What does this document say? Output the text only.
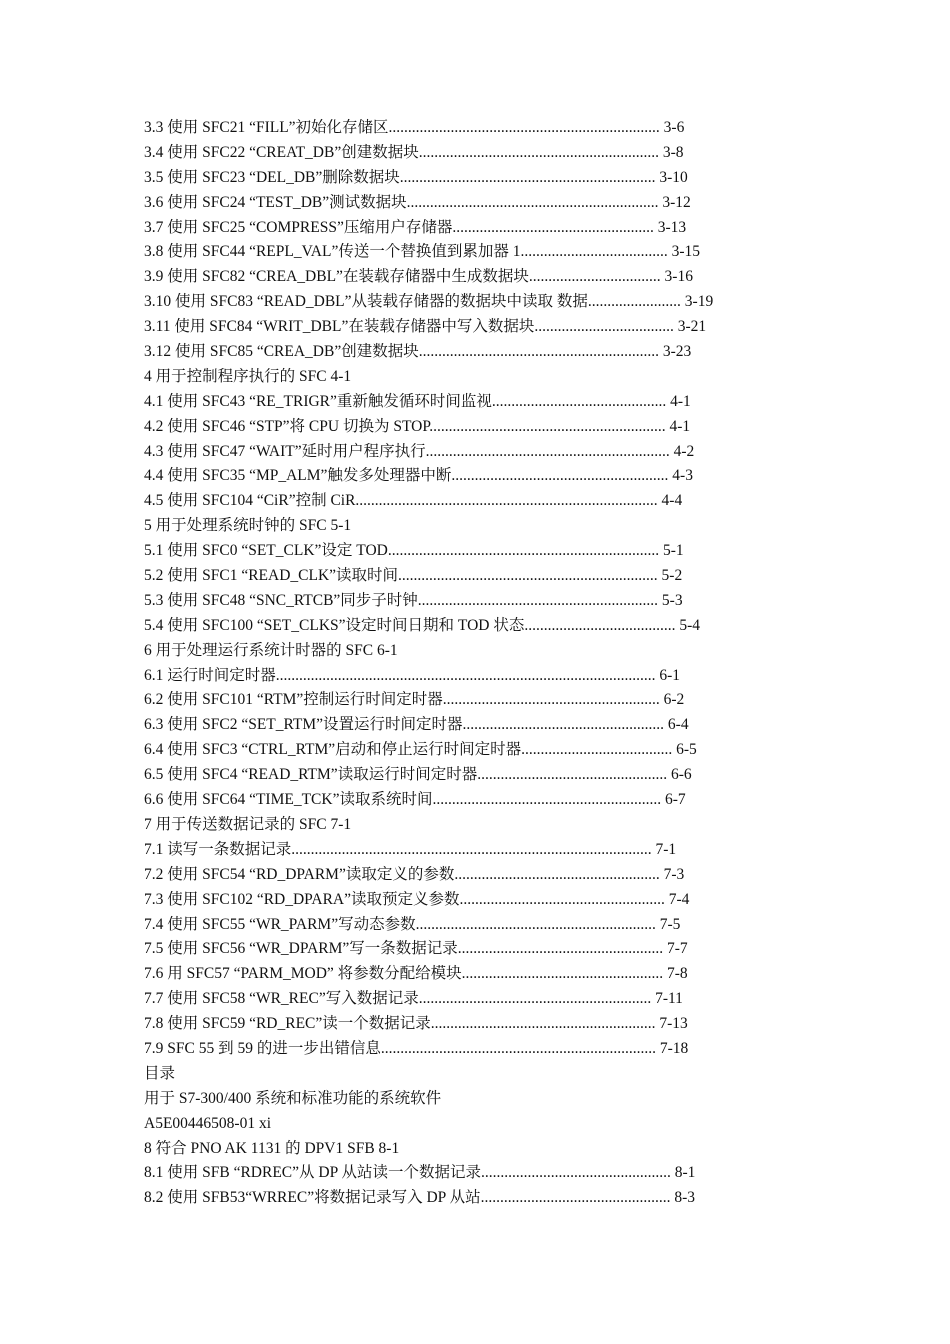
3.3 使用 SFC21 “FILL”初始化存储区...................................................................... 3-6
3.4 使用 SFC22 “CREAT_DB”创建数据块.............................................................. 3-8
3.5 使用 SFC23 “DEL_DB”删除数据块.................................................................. 3-10
3.6 使用 SFC24 “TEST_DB”测试数据块................................................................. 3-12
3.7 使用 SFC25 “COMPRESS”压缩用户存储器.................................................... 3-13
3.8 使用 SFC44 “REPL_VAL”传送一个替换值到累加器 1...................................... 3-15
3.9 使用 SFC82 “CREA_DBL”在装载存储器中生成数据块.................................. 3-16
3.10 使用 SFC83 “READ_DBL”从装载存储器的数据块中读取 数据........................ 3-19
3.11 使用 SFC84 “WRIT_DBL”在装载存储器中写入数据块.................................... 3-21
3.12 使用 SFC85 “CREA_DB”创建数据块.............................................................. 3-23
4 用于控制程序执行的 SFC 4-1
4.1 使用 SFC43 “RE_TRIGR”重新触发循环时间监视............................................. 4-1
4.2 使用 SFC46 “STP”将 CPU 切换为 STOP............................................................. 4-1
4.3 使用 SFC47 “WAIT”延时用户程序执行............................................................... 4-2
4.4 使用 SFC35 “MP_ALM”触发多处理器中断........................................................ 4-3
4.5 使用 SFC104 “CiR”控制 CiR.............................................................................. 4-4
5 用于处理系统时钟的 SFC 5-1
5.1 使用 SFC0 “SET_CLK”设定 TOD...................................................................... 5-1
5.2 使用 SFC1 “READ_CLK”读取时间................................................................... 5-2
5.3 使用 SFC48 “SNC_RTCB”同步子时钟.............................................................. 5-3
5.4 使用 SFC100 “SET_CLKS”设定时间日期和 TOD 状态....................................... 5-4
6 用于处理运行系统计时器的 SFC 6-1
6.1 运行时间定时器.................................................................................................. 6-1
6.2 使用 SFC101 “RTM”控制运行时间定时器........................................................ 6-2
6.3 使用 SFC2 “SET_RTM”设置运行时间定时器.................................................... 6-4
6.4 使用 SFC3 “CTRL_RTM”启动和停止运行时间定时器....................................... 6-5
6.5 使用 SFC4 “READ_RTM”读取运行时间定时器................................................. 6-6
6.6 使用 SFC64 “TIME_TCK”读取系统时间........................................................... 6-7
7 用于传送数据记录的 SFC 7-1
7.1 读写一条数据记录............................................................................................. 7-1
7.2 使用 SFC54 “RD_DPARM”读取定义的参数..................................................... 7-3
7.3 使用 SFC102 “RD_DPARA”读取预定义参数..................................................... 7-4
7.4 使用 SFC55 “WR_PARM”写动态参数.............................................................. 7-5
7.5 使用 SFC56 “WR_DPARM”写一条数据记录..................................................... 7-7
7.6 用 SFC57 “PARM_MOD” 将参数分配给模块.................................................... 7-8
7.7 使用 SFC58 “WR_REC”写入数据记录............................................................ 7-11
7.8 使用 SFC59 “RD_REC”读一个数据记录.......................................................... 7-13
7.9 SFC 55 到 59 的进一步出错信息....................................................................... 7-18
目录
用于 S7-300/400 系统和标准功能的系统软件
A5E00446508-01 xi
8 符合 PNO AK 1131 的 DPV1 SFB 8-1
8.1 使用 SFB “RDREC”从 DP 从站读一个数据记录................................................. 8-1
8.2 使用 SFB53“WRREC”将数据记录写入 DP 从站................................................. 8-3
